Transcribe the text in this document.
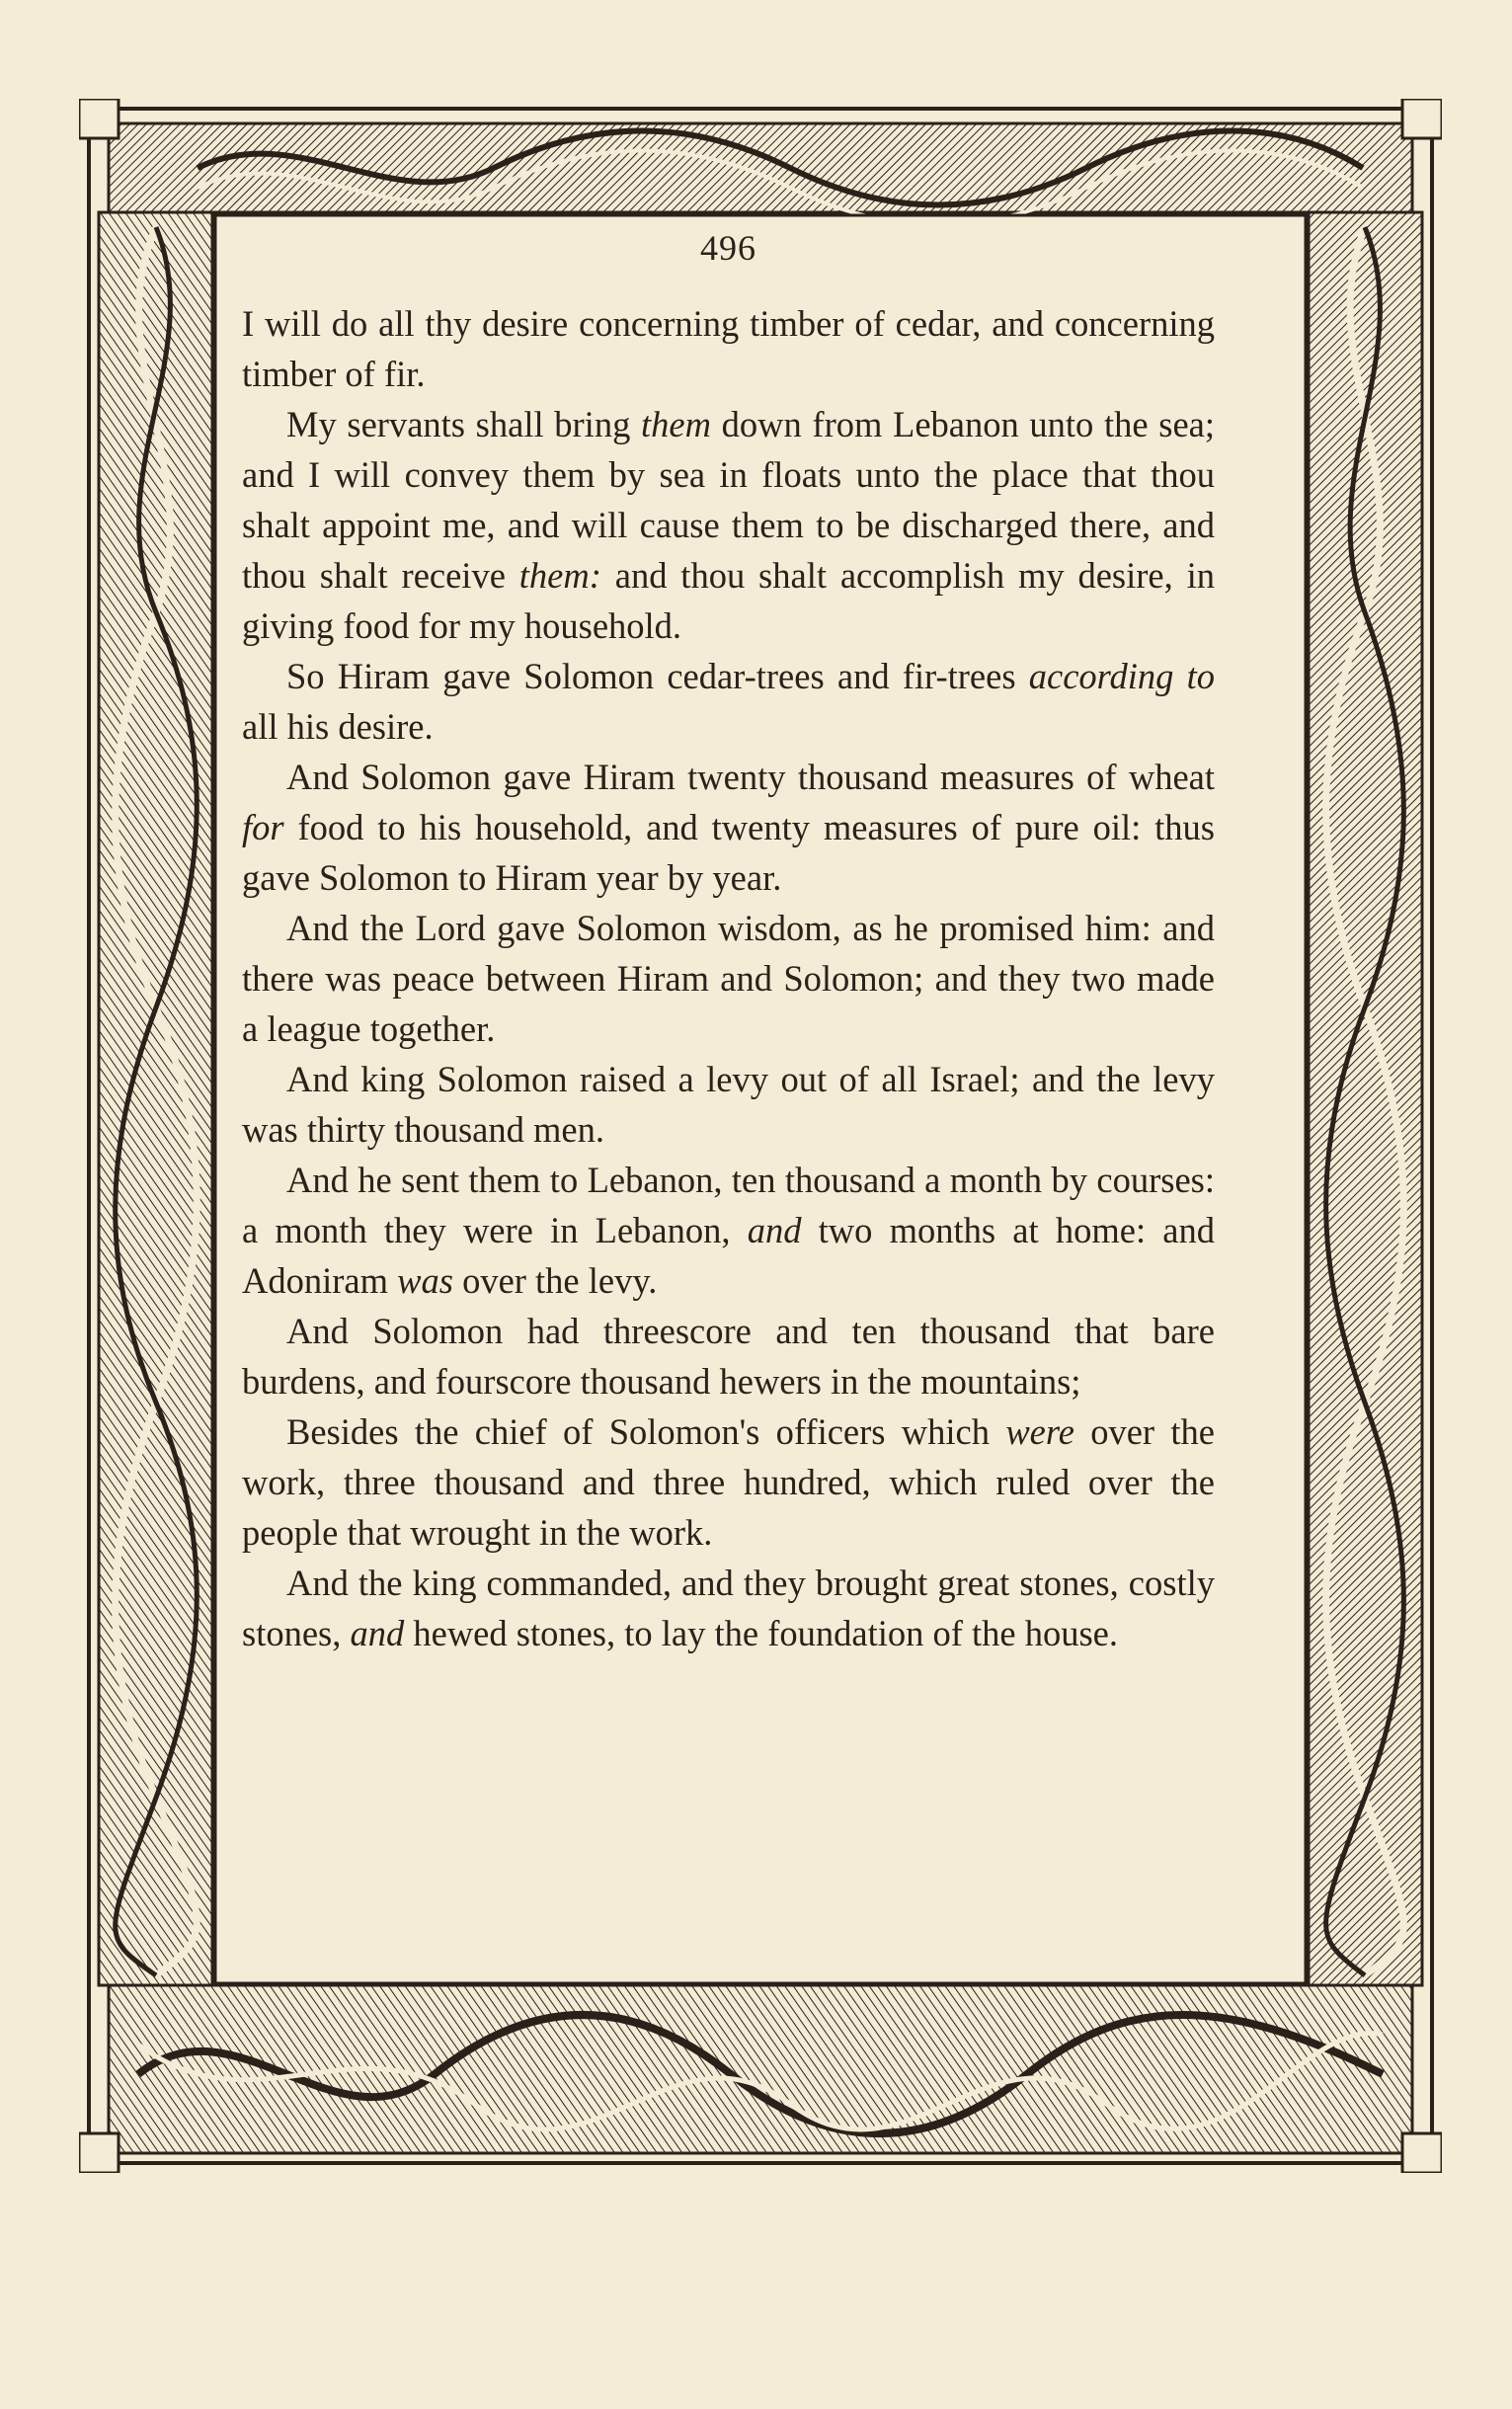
496

I will do all thy desire concerning timber of cedar, and concerning timber of fir.

My servants shall bring them down from Lebanon unto the sea; and I will convey them by sea in floats unto the place that thou shalt appoint me, and will cause them to be discharged there, and thou shalt receive them: and thou shalt accomplish my desire, in giving food for my household.

So Hiram gave Solomon cedar-trees and fir-trees according to all his desire.

And Solomon gave Hiram twenty thousand measures of wheat for food to his household, and twenty measures of pure oil: thus gave Solomon to Hiram year by year.

And the Lord gave Solomon wisdom, as he promised him: and there was peace between Hiram and Solomon; and they two made a league together.

And king Solomon raised a levy out of all Israel; and the levy was thirty thousand men.

And he sent them to Lebanon, ten thousand a month by courses: a month they were in Lebanon, and two months at home: and Adoniram was over the levy.

And Solomon had threescore and ten thousand that bare burdens, and fourscore thousand hewers in the mountains;

Besides the chief of Solomon's officers which were over the work, three thousand and three hundred, which ruled over the people that wrought in the work.

And the king commanded, and they brought great stones, costly stones, and hewed stones, to lay the foundation of the house.
